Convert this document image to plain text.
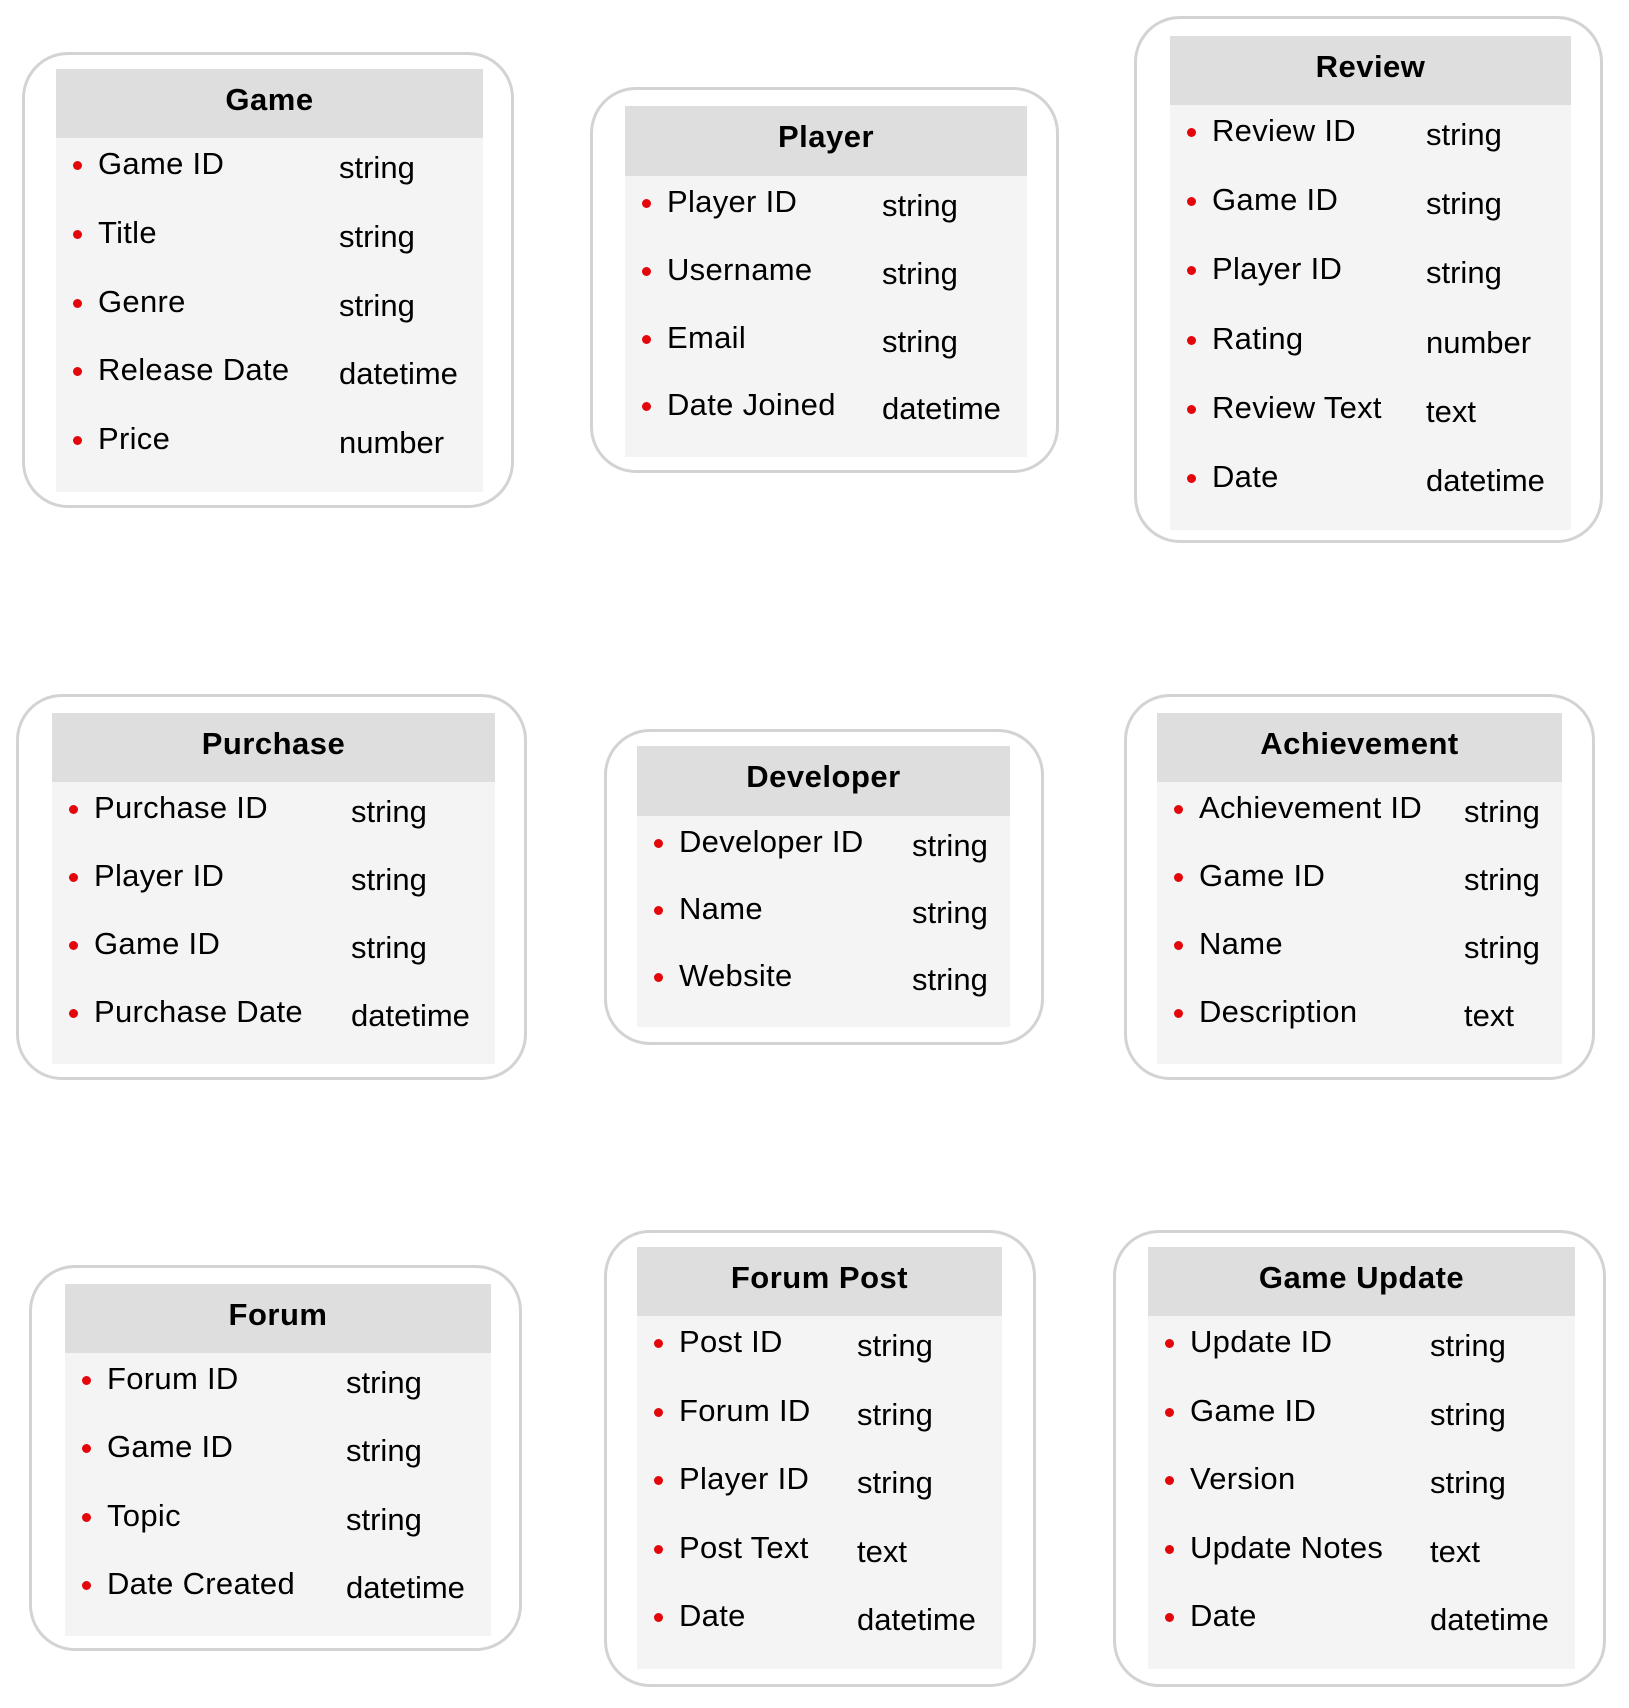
Game
Game ID	string
Title	string
Genre	string
Release Date datetime
Price	number
Player
Player ID	string
Username string
Email	string
Date Joined datetime
Review
Review ID string
Game ID	string
Player ID	string
Rating	number
Review Text text
Date	datetime
Purchase
Purchase ID	string
Player ID	string
Game ID	string
Purchase Date datetime
Developer
Developer ID string
Name	string
Website	string
Achievement
Achievement ID string
Game ID	string
Name	string
Description	text
Forum
Forum ID	string
Game ID	string
Topic	string
Date Created datetime
Forum Post
Post ID string
Forum ID string
Player ID string
Post Text text
Date	datetime
Game Update
Update ID	string
Game ID	string
Version	string
Update Notes text
Date	datetime
